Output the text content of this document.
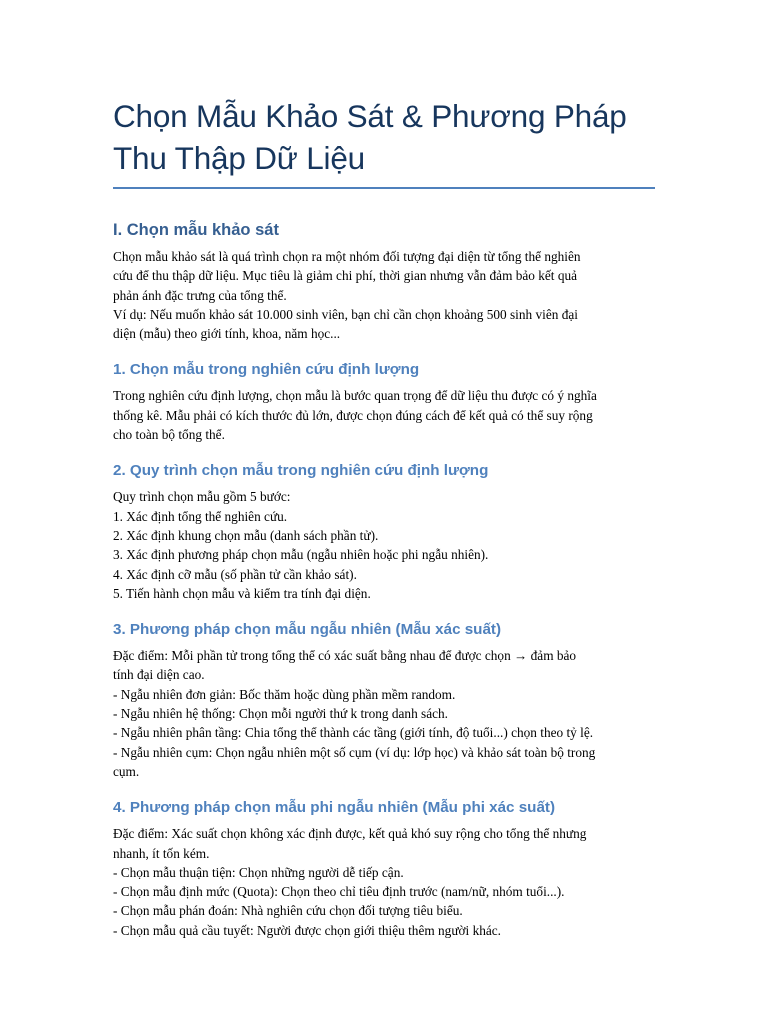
Chọn Mẫu Khảo Sát & Phương Pháp
Thu Thập Dữ Liệu
I. Chọn mẫu khảo sát
Chọn mẫu khảo sát là quá trình chọn ra một nhóm đối tượng đại diện từ tổng thể nghiên
cứu để thu thập dữ liệu. Mục tiêu là giảm chi phí, thời gian nhưng vẫn đảm bảo kết quả
phản ánh đặc trưng của tổng thể.
Ví dụ: Nếu muốn khảo sát 10.000 sinh viên, bạn chỉ cần chọn khoảng 500 sinh viên đại
diện (mẫu) theo giới tính, khoa, năm học...
1. Chọn mẫu trong nghiên cứu định lượng
Trong nghiên cứu định lượng, chọn mẫu là bước quan trọng để dữ liệu thu được có ý nghĩa
thống kê. Mẫu phải có kích thước đủ lớn, được chọn đúng cách để kết quả có thể suy rộng
cho toàn bộ tổng thể.
2. Quy trình chọn mẫu trong nghiên cứu định lượng
Quy trình chọn mẫu gồm 5 bước:
1. Xác định tổng thể nghiên cứu.
2. Xác định khung chọn mẫu (danh sách phần tử).
3. Xác định phương pháp chọn mẫu (ngẫu nhiên hoặc phi ngẫu nhiên).
4. Xác định cỡ mẫu (số phần tử cần khảo sát).
5. Tiến hành chọn mẫu và kiểm tra tính đại diện.
3. Phương pháp chọn mẫu ngẫu nhiên (Mẫu xác suất)
Đặc điểm: Mỗi phần tử trong tổng thể có xác suất bằng nhau để được chọn → đảm bảo
tính đại diện cao.
- Ngẫu nhiên đơn giản: Bốc thăm hoặc dùng phần mềm random.
- Ngẫu nhiên hệ thống: Chọn mỗi người thứ k trong danh sách.
- Ngẫu nhiên phân tầng: Chia tổng thể thành các tầng (giới tính, độ tuổi...) chọn theo tỷ lệ.
- Ngẫu nhiên cụm: Chọn ngẫu nhiên một số cụm (ví dụ: lớp học) và khảo sát toàn bộ trong
cụm.
4. Phương pháp chọn mẫu phi ngẫu nhiên (Mẫu phi xác suất)
Đặc điểm: Xác suất chọn không xác định được, kết quả khó suy rộng cho tổng thể nhưng
nhanh, ít tốn kém.
- Chọn mẫu thuận tiện: Chọn những người dễ tiếp cận.
- Chọn mẫu định mức (Quota): Chọn theo chỉ tiêu định trước (nam/nữ, nhóm tuổi...).
- Chọn mẫu phán đoán: Nhà nghiên cứu chọn đối tượng tiêu biểu.
- Chọn mẫu quả cầu tuyết: Người được chọn giới thiệu thêm người khác.
